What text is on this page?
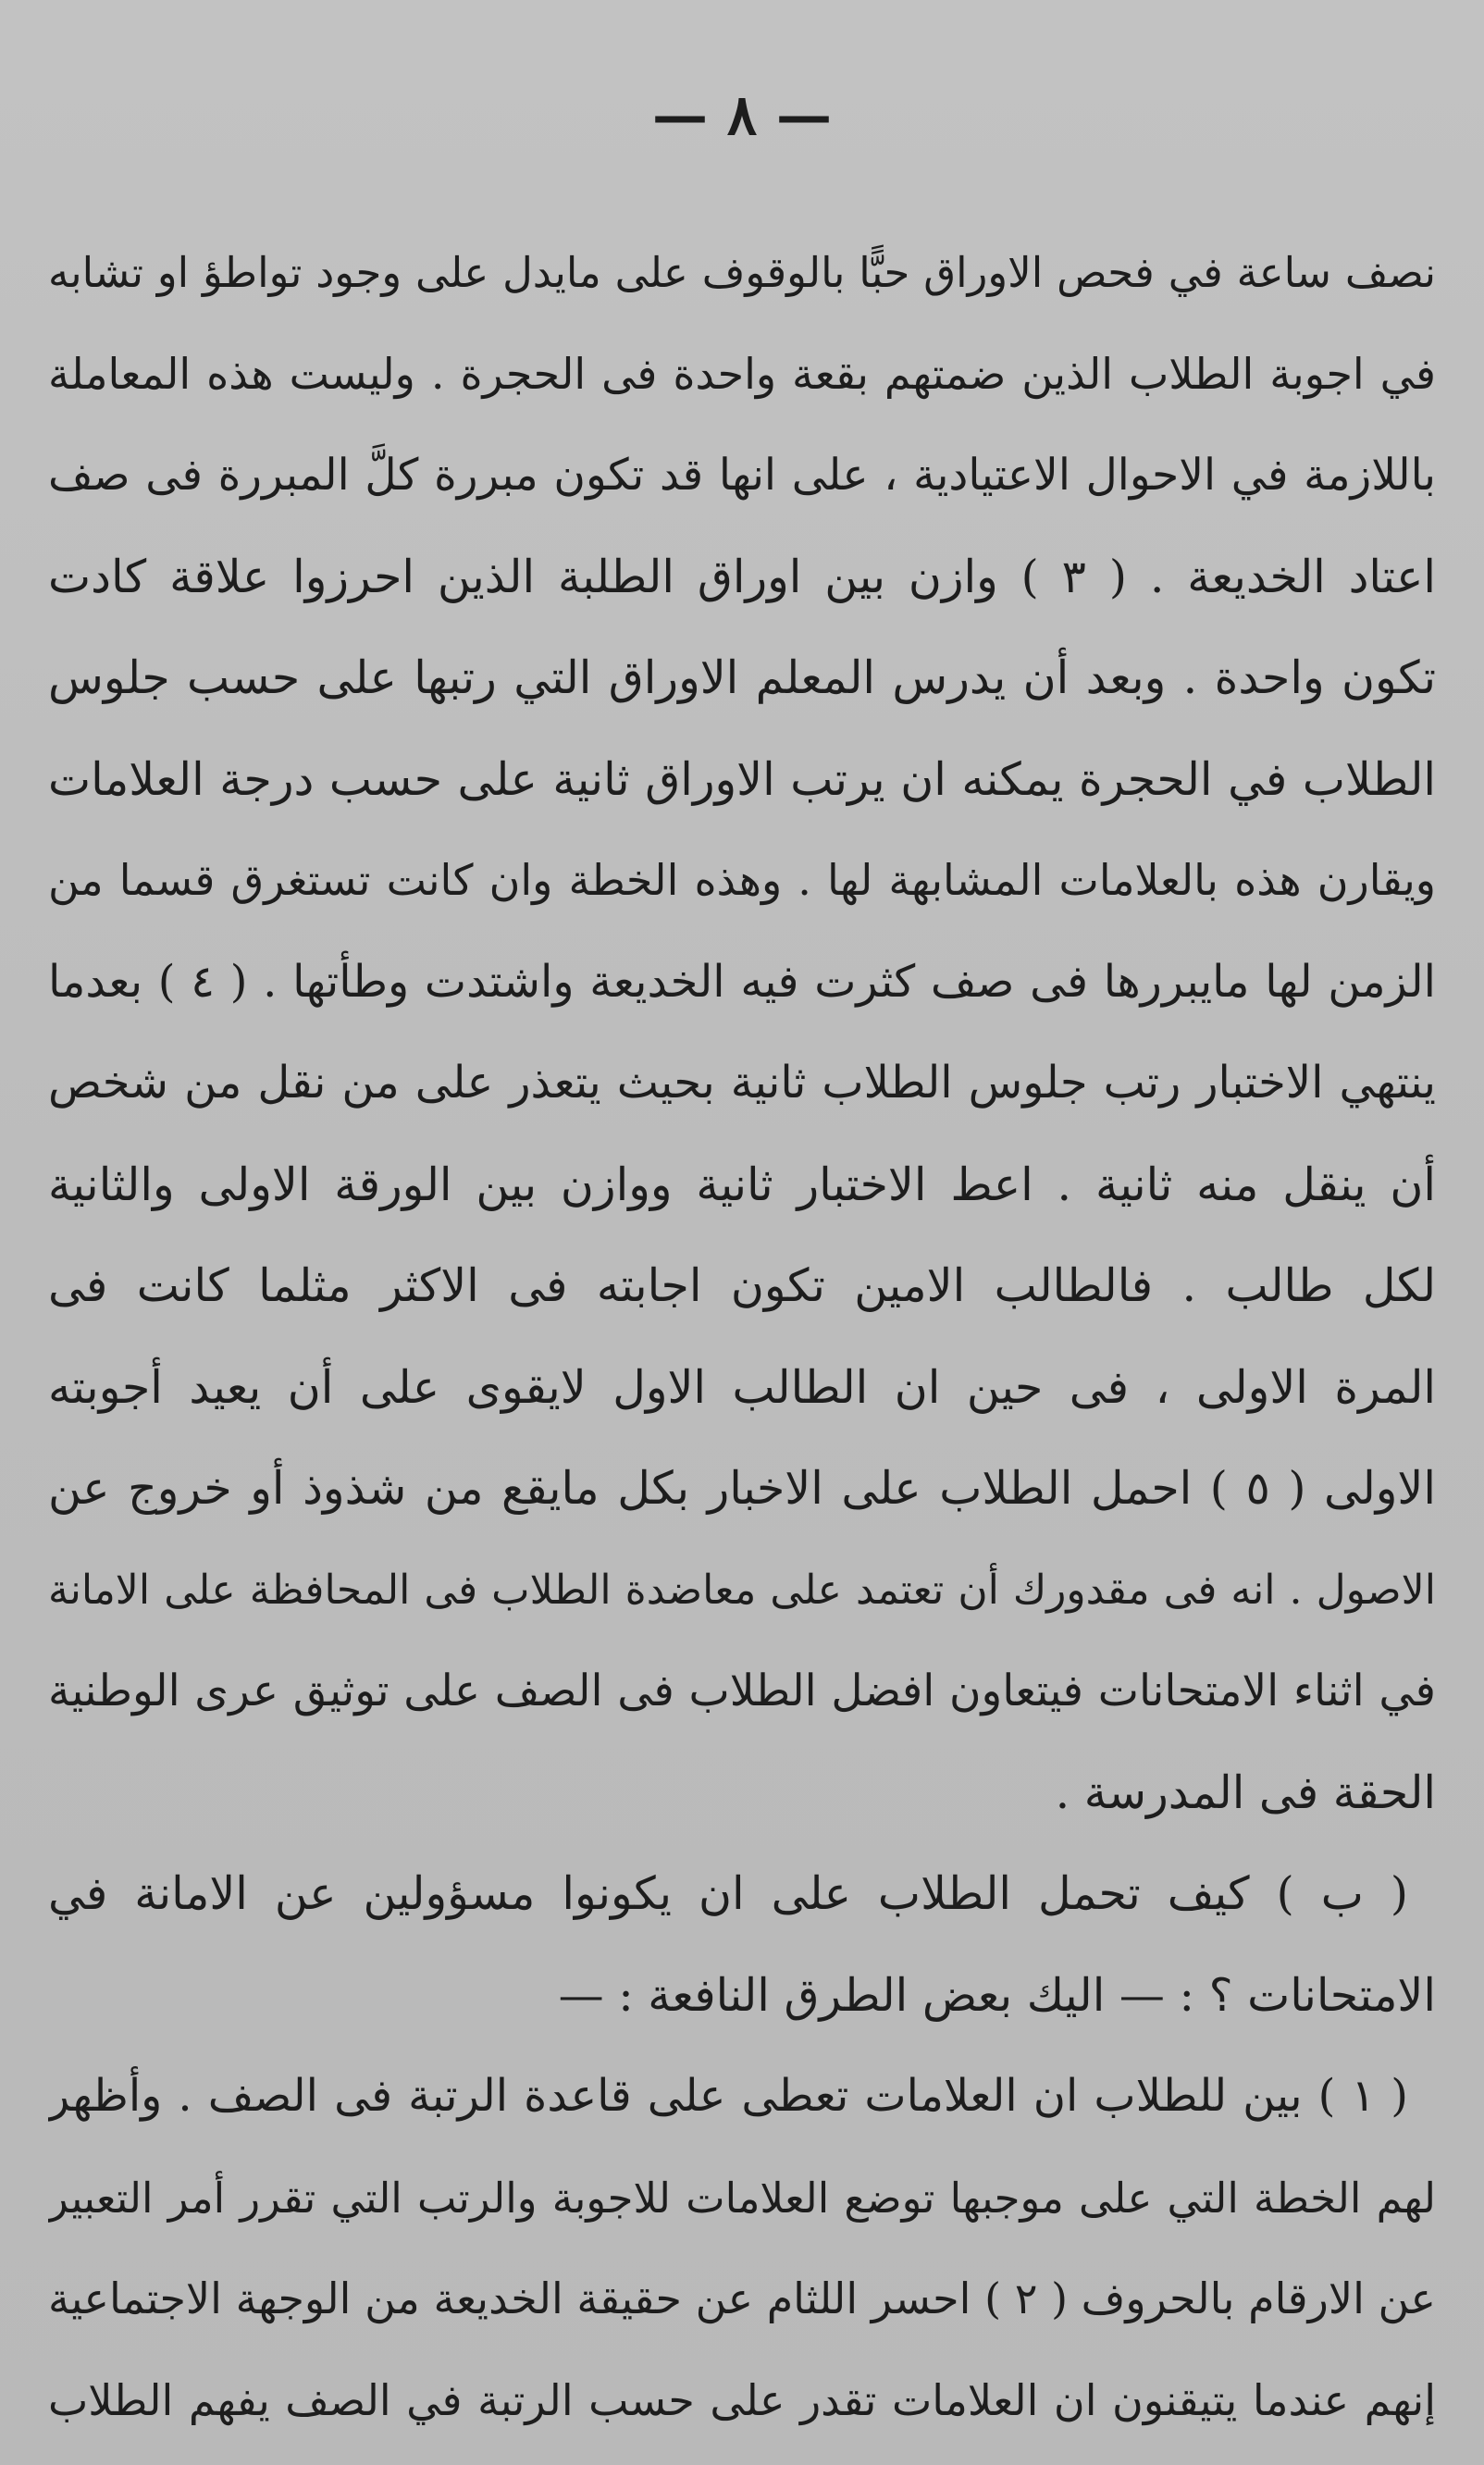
— ٨ —
نصف ساعة في فحص الاوراق حبًّا بالوقوف على مايدل على وجود تواطؤ او تشابه
في اجوبة الطلاب الذين ضمتهم بقعة واحدة فى الحجرة . وليست هذه المعاملة
باللازمة في الاحوال الاعتيادية ، على انها قد تكون مبررة كلَّ المبررة فى صف
اعتاد الخديعة . ( ٣ ) وازن بين اوراق الطلبة الذين احرزوا علاقة كادت
تكون واحدة . وبعد أن يدرس المعلم الاوراق التي رتبها على حسب جلوس
الطلاب في الحجرة يمكنه ان يرتب الاوراق ثانية على حسب درجة العلامات
ويقارن هذه بالعلامات المشابهة لها . وهذه الخطة وان كانت تستغرق قسما من
الزمن لها مايبررها فى صف كثرت فيه الخديعة واشتدت وطأتها . ( ٤ ) بعدما
ينتهي الاختبار رتب جلوس الطلاب ثانية بحيث يتعذر على من نقل من شخص
أن ينقل منه ثانية . اعط الاختبار ثانية ووازن بين الورقة الاولى والثانية
لكل طالب . فالطالب الامين تكون اجابته فى الاكثر مثلما كانت فى
المرة الاولى ، فى حين ان الطالب الاول لايقوى على أن يعيد أجوبته
الاولى ( ٥ ) احمل الطلاب على الاخبار بكل مايقع من شذوذ أو خروج عن
الاصول . انه فى مقدورك أن تعتمد على معاضدة الطلاب فى المحافظة على الامانة
في اثناء الامتحانات فيتعاون افضل الطلاب فى الصف على توثيق عرى الوطنية
الحقة فى المدرسة .
( ب ) كيف تحمل الطلاب على ان يكونوا مسؤولين عن الامانة في
الامتحانات ؟ : — اليك بعض الطرق النافعة : —
( ١ ) بين للطلاب ان العلامات تعطى على قاعدة الرتبة فى الصف . وأظهر
لهم الخطة التي على موجبها توضع العلامات للاجوبة والرتب التي تقرر أمر التعبير
عن الارقام بالحروف ( ٢ ) احسر اللثام عن حقيقة الخديعة من الوجهة الاجتماعية
إنهم عندما يتيقنون ان العلامات تقدر على حسب الرتبة في الصف يفهم الطلاب
